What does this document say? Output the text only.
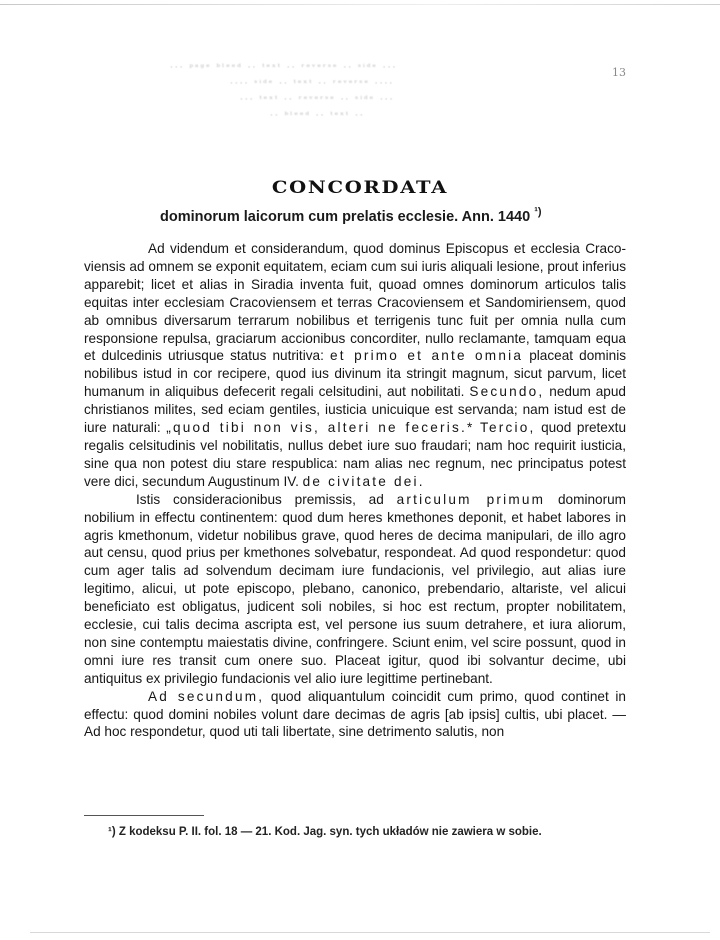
··· ᵖᵃᵍᵉ ᵇˡᵉᵉᵈ ·· ᵗᵉˣᵗ ·· ʳᵉᵛᵉʳˢᵉ ·· ˢⁱᵈᵉ ···
···· ˢⁱᵈᵉ ·· ᵗᵉˣᵗ ·· ʳᵉᵛᵉʳˢᵉ ····
··· ᵗᵉˣᵗ ·· ʳᵉᵛᵉʳˢᵉ ·· ˢⁱᵈᵉ ···
·· ᵇˡᵉᵉᵈ ·· ᵗᵉˣᵗ ··
13
CONCORDATA
dominorum laicorum cum prelatis ecclesie. Ann. 1440 $^{^1)}$

Ad videndum et considerandum, quod dominus Episcopus et ecclesia Cracoviensis ad omnem se exponit equitatem, eciam cum sui iuris aliquali lesione, prout inferius apparebit; licet et alias in Siradia inventa fuit, quoad omnes dominorum articulos talis equitas inter ecclesiam Cracoviensem et terras Cracoviensem et Sandomiriensem, quod ab omnibus diversarum terrarum nobilibus et terrigenis tunc fuit per omnia nulla cum responsione repulsa, graciarum accionibus concorditer, nullo reclamante, tamquam equa et dulcedinis utriusque status nutritiva: et primo et ante omnia placeat dominis nobilibus istud in cor recipere, quod ius divinum ita stringit magnum, sicut parvum, licet humanum in aliquibus defecerit regali celsitudini, aut nobilitati. Secundo, nedum apud christianos milites, sed eciam gentiles, iusticia unicuique est servanda; nam istud est de iure naturali: „quod tibi non vis, alteri ne feceris.* Tercio, quod pretextu regalis celsitudinis vel nobilitatis, nullus debet iure suo fraudari; nam hoc requirit iusticia, sine qua non potest diu stare respublica: nam alias nec regnum, nec principatus potest vere dici, secundum Augustinum IV. de civitate dei.

Istis consideracionibus premissis, ad articulum primum dominorum nobilium in effectu continentem: quod dum heres kmethones deponit, et habet labores in agris kmethonum, videtur nobilibus grave, quod heres de decima manipulari, de illo agro aut censu, quod prius per kmethones solvebatur, respondeat. Ad quod respondetur: quod cum ager talis ad solvendum decimam iure fundacionis, vel privilegio, aut alias iure legitimo, alicui, ut pote episcopo, plebano, canonico, prebendario, altariste, vel alicui beneficiato est obligatus, judicent soli nobiles, si hoc est rectum, propter nobilitatem, ecclesie, cui talis decima ascripta est, vel persone ius suum detrahere, et iura aliorum, non sine contemptu maiestatis divine, confringere. Sciunt enim, vel scire possunt, quod in omni iure res transit cum onere suo. Placeat igitur, quod ibi solvantur decime, ubi antiquitus ex privilegio fundacionis vel alio iure legittime pertinebant.

Ad secundum, quod aliquantulum coincidit cum primo, quod continet in effectu: quod domini nobiles volunt dare decimas de agris [ab ipsis] cultis, ubi placet. — Ad hoc respondetur, quod uti tali libertate, sine detrimento salutis, non

¹) Z kodeksu P. II. fol. 18 — 21. Kod. Jag. syn. tych układów nie zawiera w sobie.
